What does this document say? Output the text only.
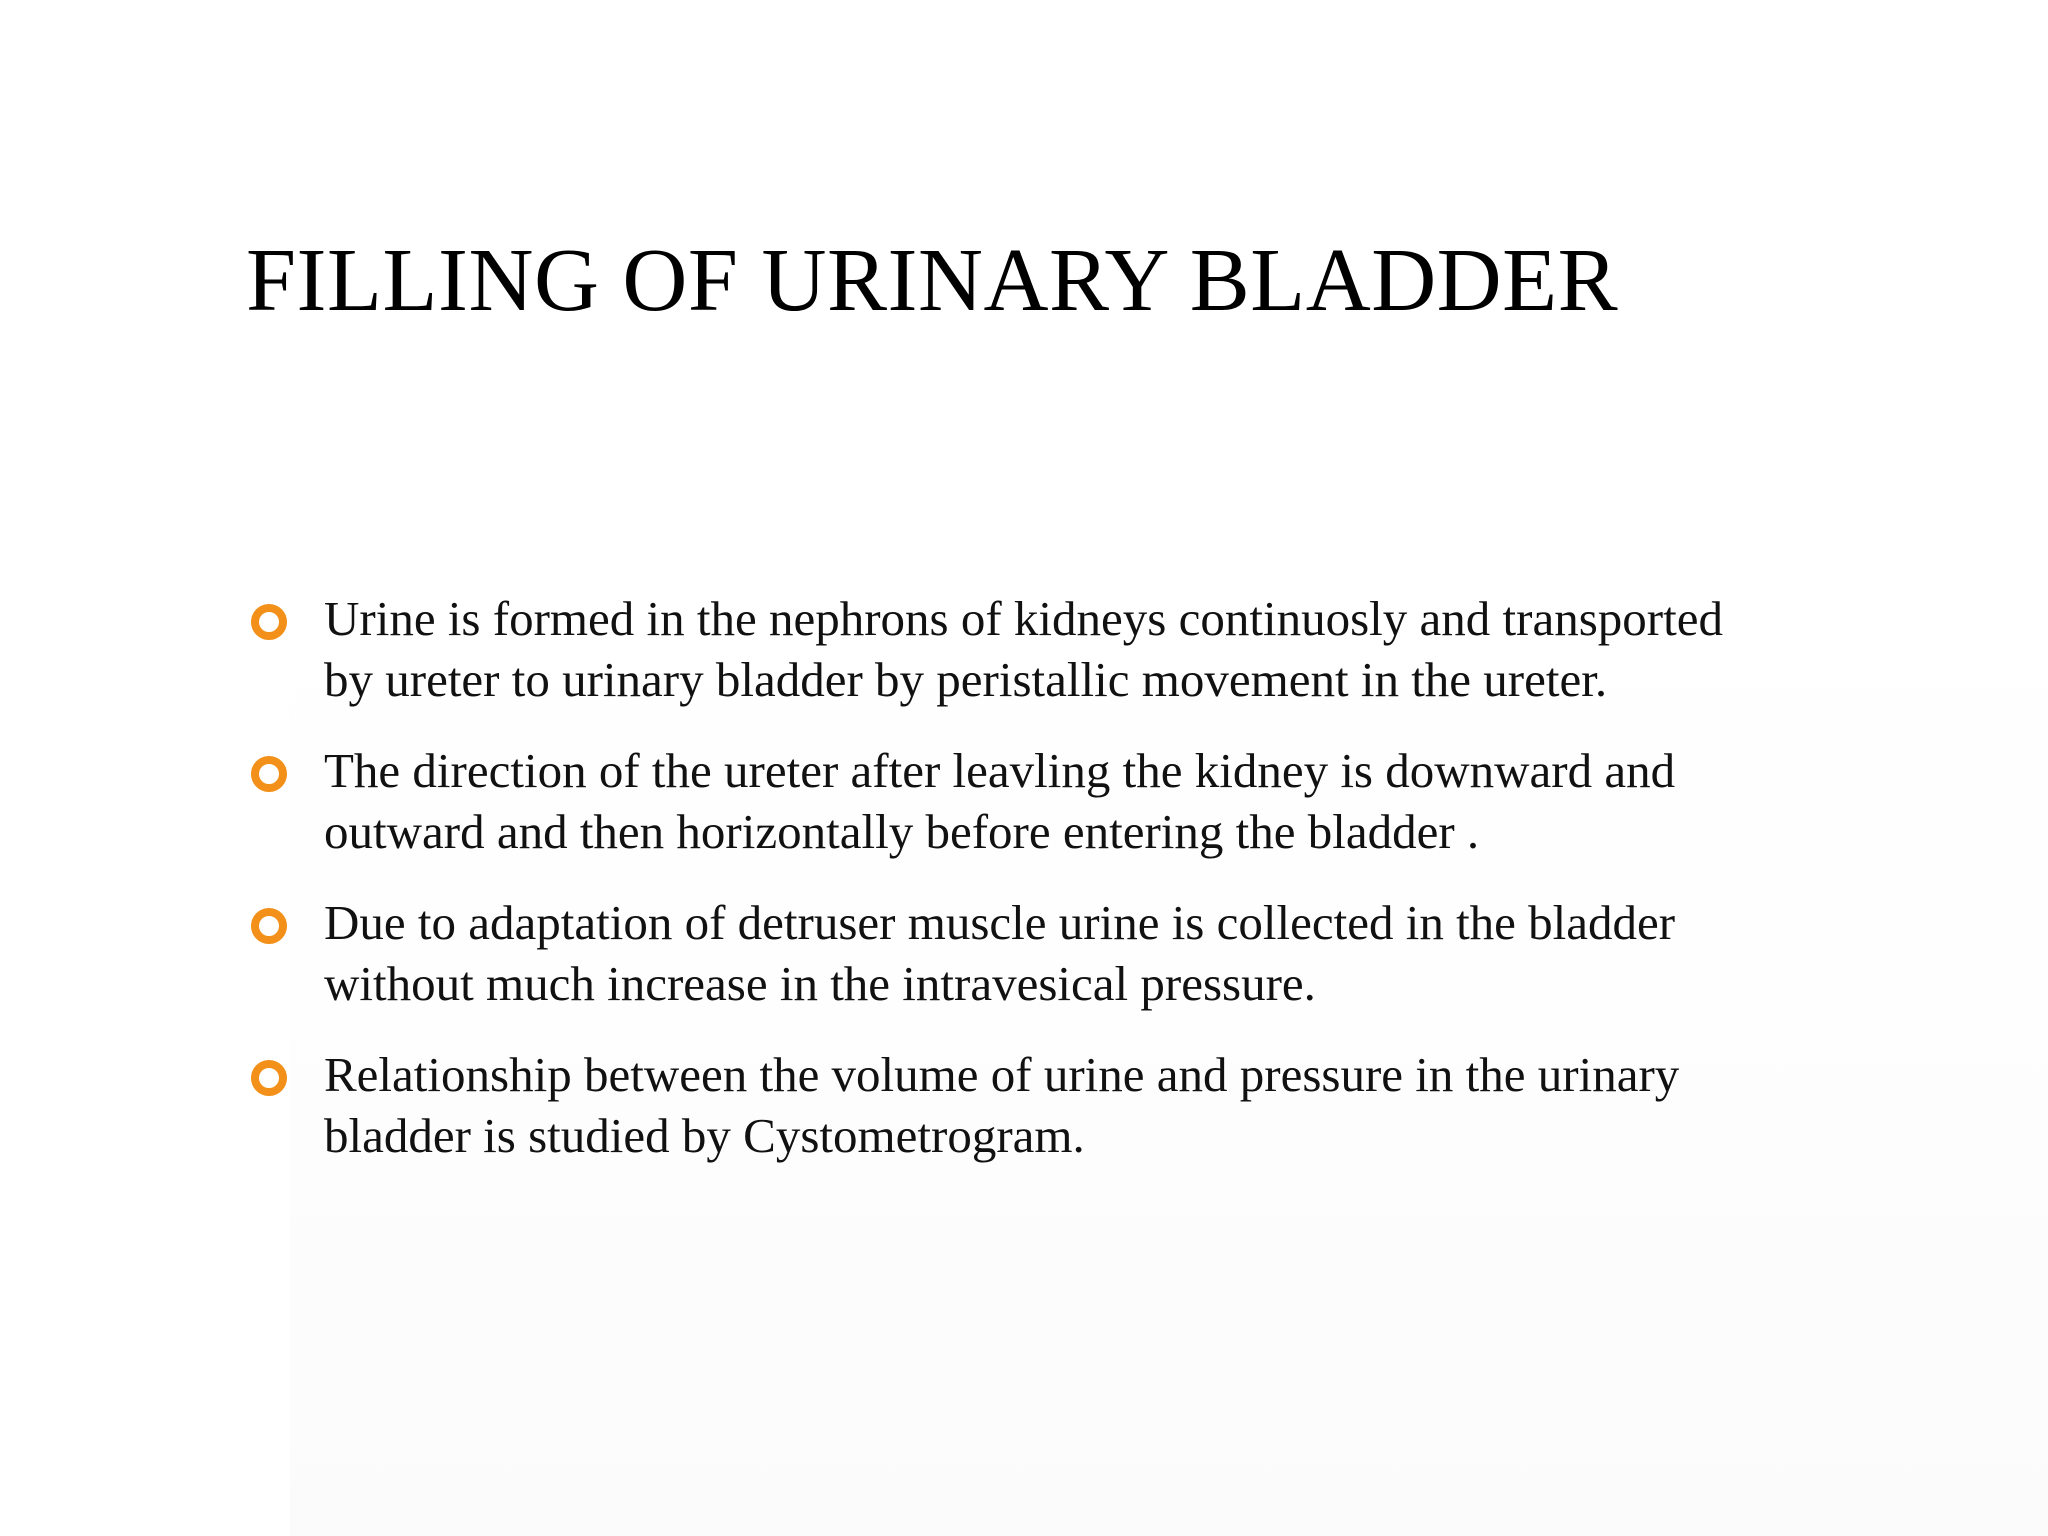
FILLING OF URINARY BLADDER
Urine is formed in the nephrons of kidneys continuosly and transported
by ureter to urinary bladder by peristallic movement in the ureter.
The direction of the ureter after leavling the kidney is downward and
outward and then horizontally before entering the bladder .
Due to adaptation of detruser muscle urine is collected in the bladder
without much increase in the intravesical pressure.
Relationship between the volume of urine and pressure in the urinary
bladder is studied by Cystometrogram.
